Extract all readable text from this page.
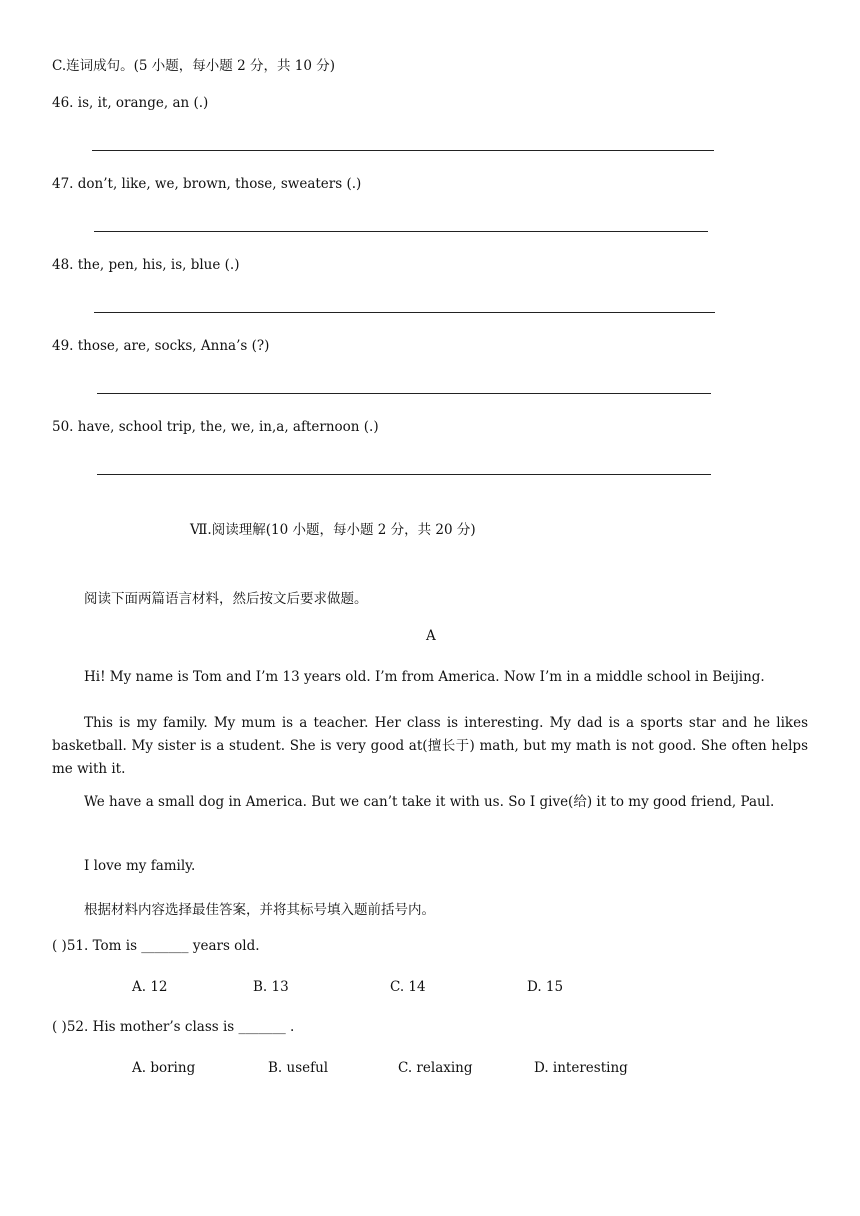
C.连词成句。(5 小题，每小题 2 分，共 10 分)
46. is, it, orange, an (.)
47. don’t, like, we, brown, those, sweaters (.)
48. the, pen, his, is, blue (.)
49. those, are, socks, Anna’s (?)
50. have, school trip, the, we, in,a, afternoon (.)
Ⅶ.阅读理解(10 小题，每小题 2 分，共 20 分)
阅读下面两篇语言材料，然后按文后要求做题。
A
Hi! My name is Tom and I’m 13 years old. I’m from America. Now I’m in a middle school in Beijing.
This is my family. My mum is a teacher. Her class is interesting. My dad is a sports star and he likes basketball. My sister is a student. She is very good at(擅长于) math, but my math is not good. She often helps me with it.
We have a small dog in America. But we can’t take it with us. So I give(给) it to my good friend, Paul.
I love my family.
根据材料内容选择最佳答案，并将其标号填入题前括号内。
( )51. Tom is _______ years old.
A. 12	B. 13	C. 14	D. 15
( )52. His mother’s class is _______ .
A. boring	B. useful	C. relaxing	D. interesting
